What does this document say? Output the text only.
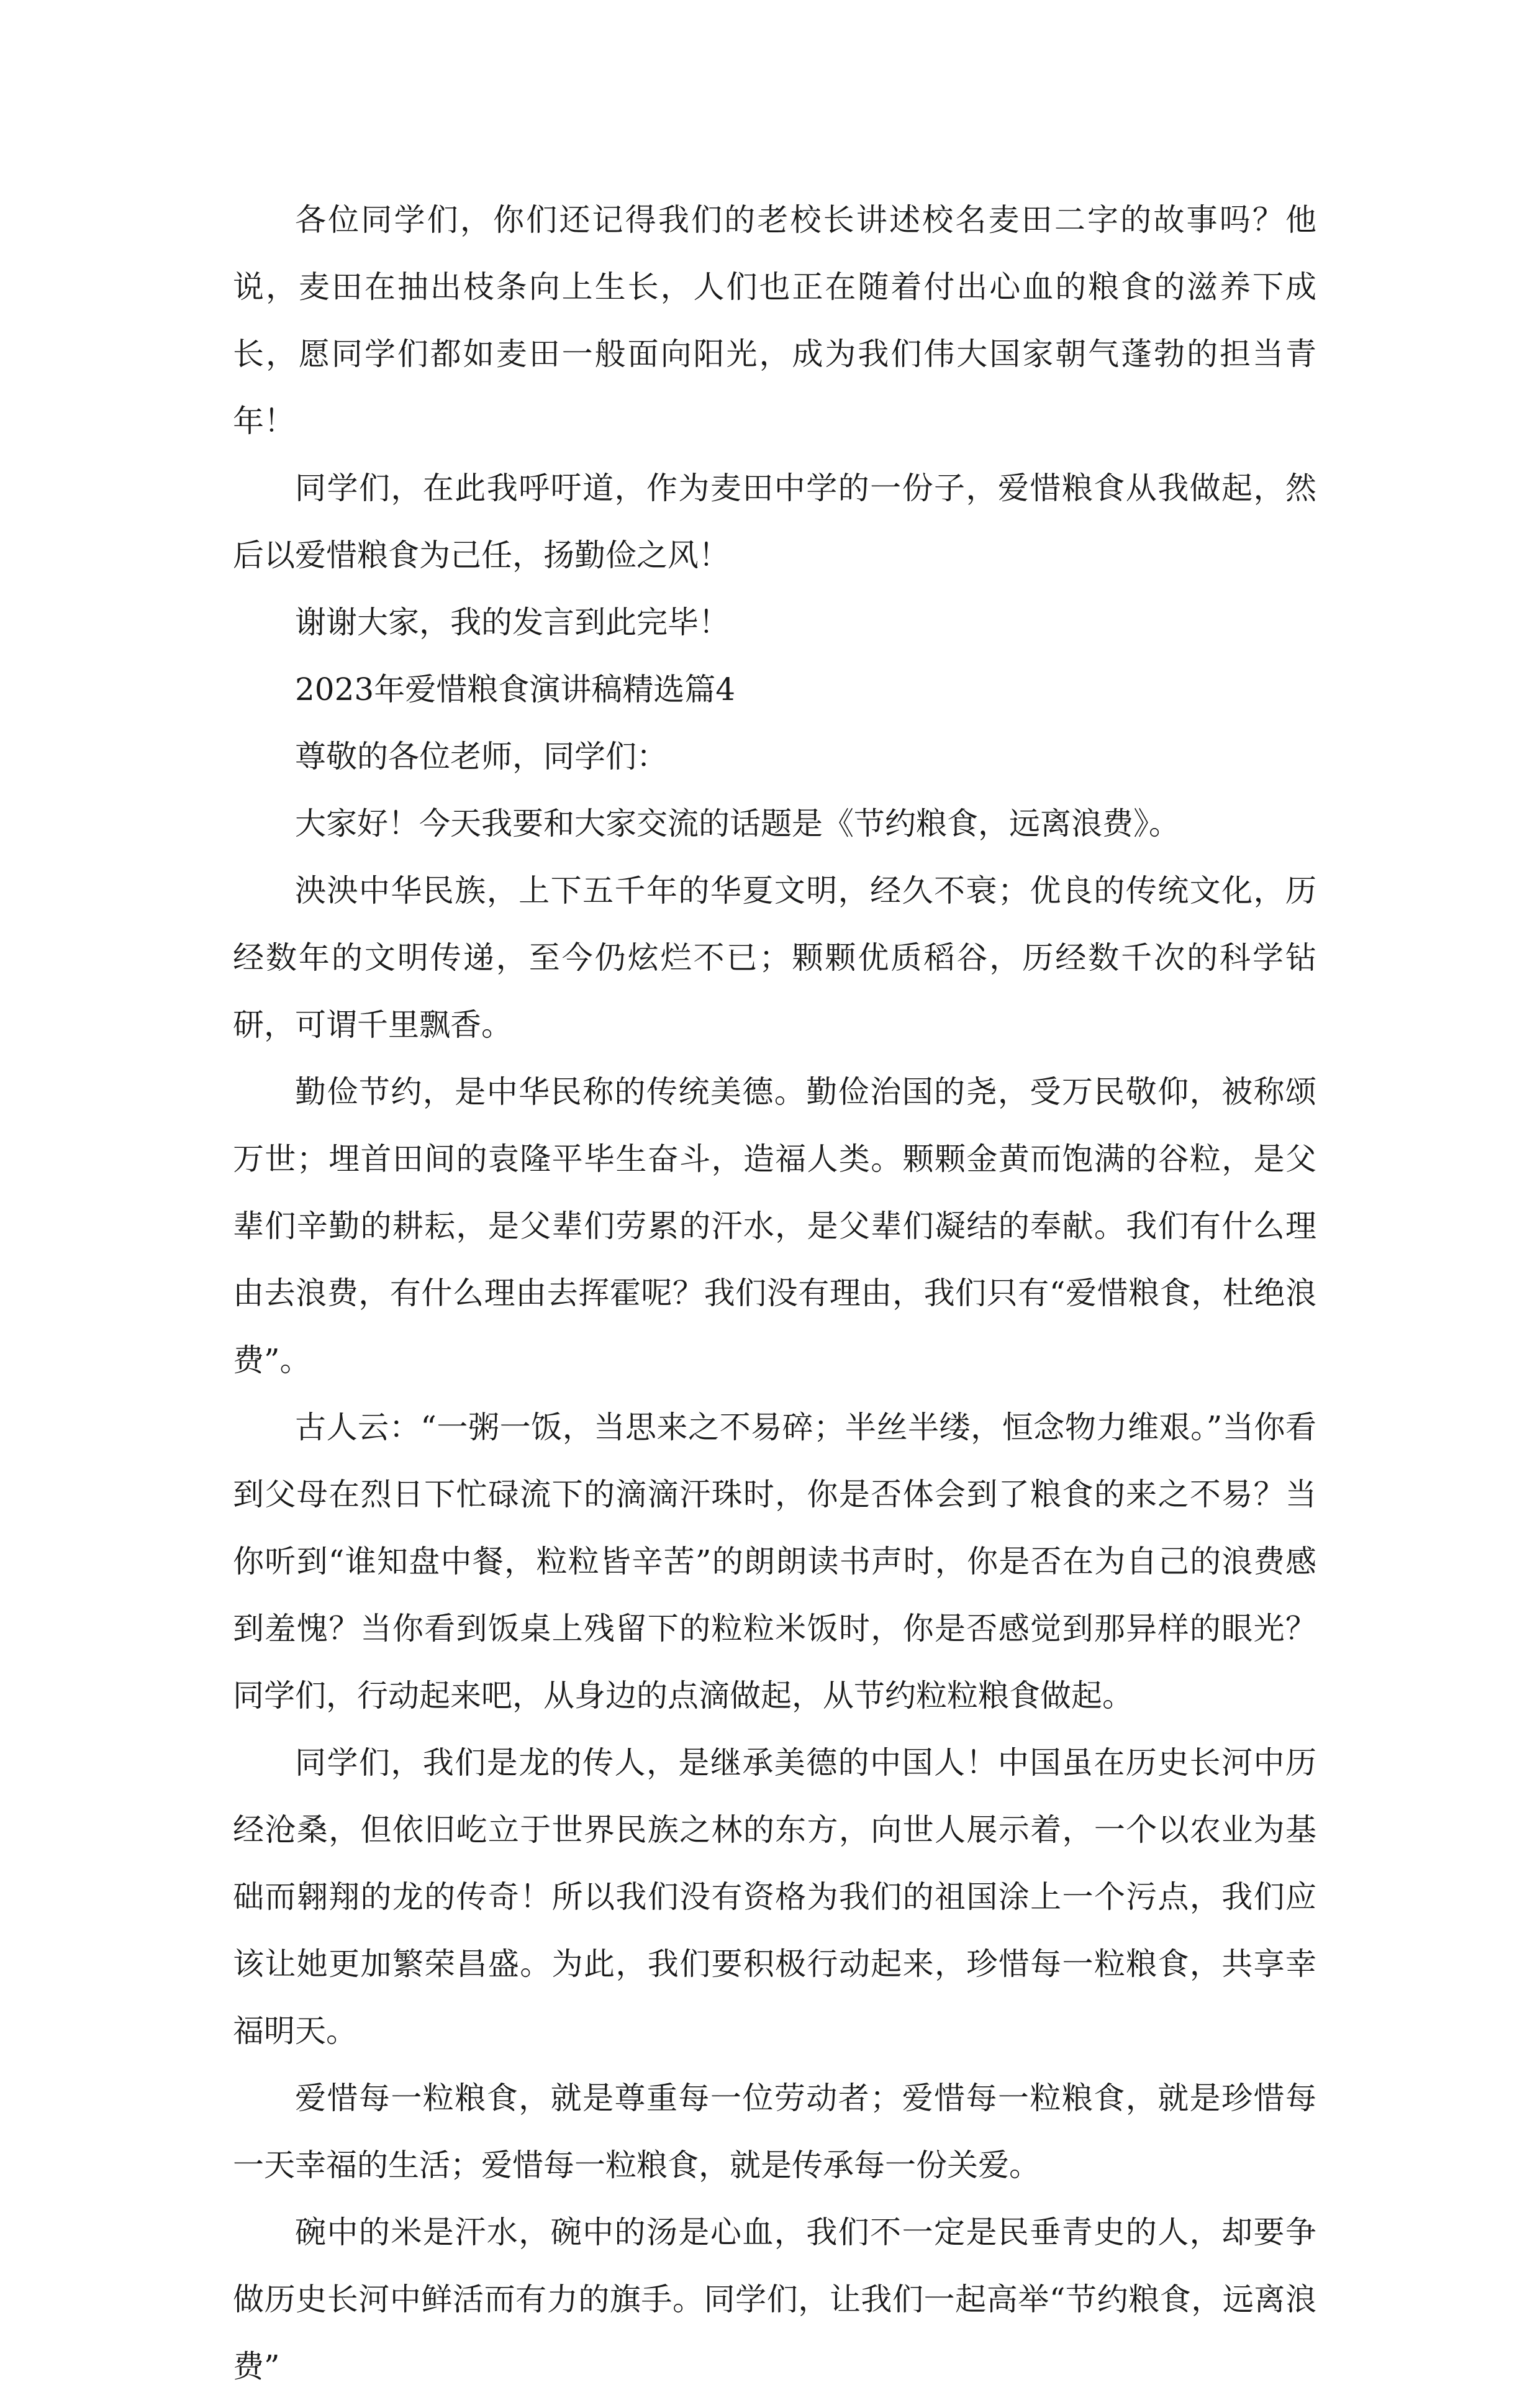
各位同学们，你们还记得我们的老校长讲述校名麦田二字的故事吗？他说，麦田在抽出枝条向上生长，人们也正在随着付出心血的粮食的滋养下成长，愿同学们都如麦田一般面向阳光，成为我们伟大国家朝气蓬勃的担当青年！

同学们，在此我呼吁道，作为麦田中学的一份子，爱惜粮食从我做起，然后以爱惜粮食为己任，扬勤俭之风！

谢谢大家，我的发言到此完毕！

2023年爱惜粮食演讲稿精选篇4

尊敬的各位老师，同学们：

大家好！今天我要和大家交流的话题是《节约粮食，远离浪费》。

泱泱中华民族，上下五千年的华夏文明，经久不衰；优良的传统文化，历经数年的文明传递，至今仍炫烂不已；颗颗优质稻谷，历经数千次的科学钻研，可谓千里飘香。

勤俭节约，是中华民称的传统美德。勤俭治国的尧，受万民敬仰，被称颂万世；埋首田间的袁隆平毕生奋斗，造福人类。颗颗金黄而饱满的谷粒，是父辈们辛勤的耕耘，是父辈们劳累的汗水，是父辈们凝结的奉献。我们有什么理由去浪费，有什么理由去挥霍呢？我们没有理由，我们只有“爱惜粮食，杜绝浪费”。

古人云：“一粥一饭，当思来之不易碎；半丝半缕，恒念物力维艰。”当你看到父母在烈日下忙碌流下的滴滴汗珠时，你是否体会到了粮食的来之不易？当你听到“谁知盘中餐，粒粒皆辛苦”的朗朗读书声时，你是否在为自己的浪费感到羞愧？当你看到饭桌上残留下的粒粒米饭时，你是否感觉到那异样的眼光？同学们，行动起来吧，从身边的点滴做起，从节约粒粒粮食做起。

同学们，我们是龙的传人，是继承美德的中国人！中国虽在历史长河中历经沧桑，但依旧屹立于世界民族之林的东方，向世人展示着，一个以农业为基础而翱翔的龙的传奇！所以我们没有资格为我们的祖国涂上一个污点，我们应该让她更加繁荣昌盛。为此，我们要积极行动起来，珍惜每一粒粮食，共享幸福明天。

爱惜每一粒粮食，就是尊重每一位劳动者；爱惜每一粒粮食，就是珍惜每一天幸福的生活；爱惜每一粒粮食，就是传承每一份关爱。

碗中的米是汗水，碗中的汤是心血，我们不一定是民垂青史的人，却要争做历史长河中鲜活而有力的旗手。同学们，让我们一起高举“节约粮食，远离浪费”
